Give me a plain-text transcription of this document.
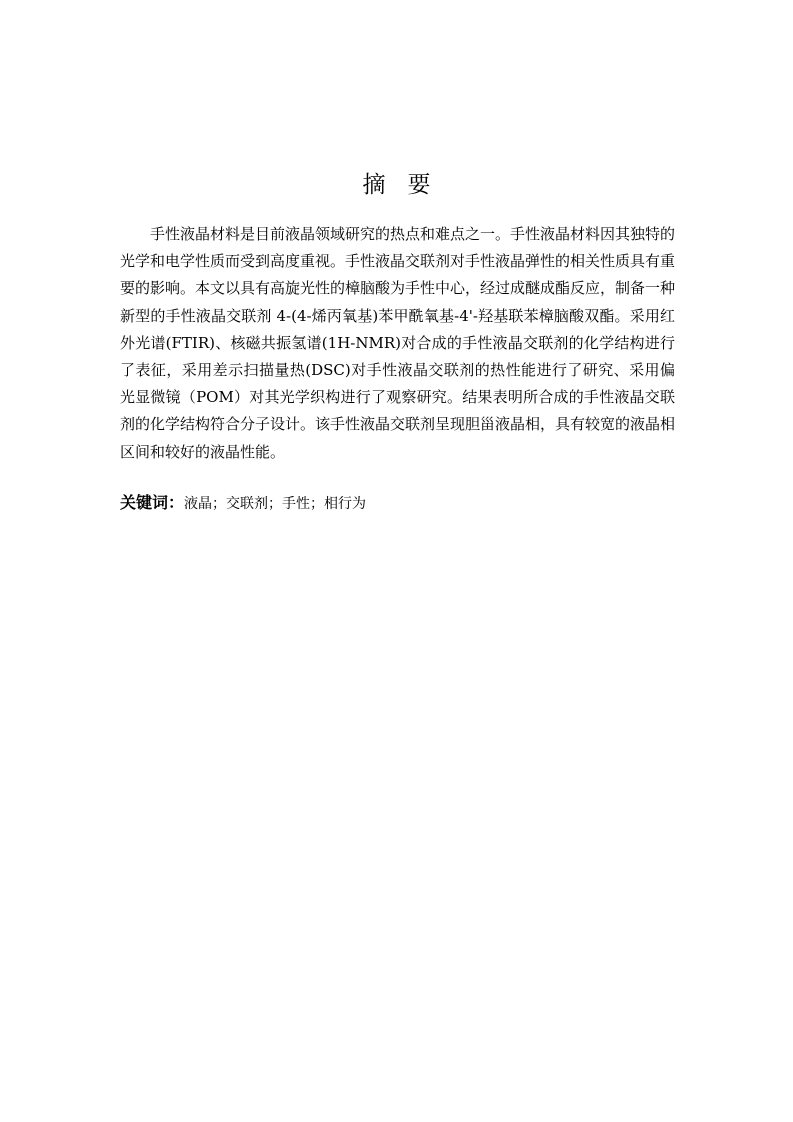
摘要

手性液晶材料是目前液晶领域研究的热点和难点之一。手性液晶材料因其独特的光学和电学性质而受到高度重视。手性液晶交联剂对手性液晶弹性的相关性质具有重要的影响。本文以具有高旋光性的樟脑酸为手性中心，经过成醚成酯反应，制备一种新型的手性液晶交联剂 4-(4-烯丙氧基)苯甲酰氧基-4'-羟基联苯樟脑酸双酯。采用红外光谱(FTIR)、核磁共振氢谱(1H-NMR)对合成的手性液晶交联剂的化学结构进行了表征，采用差示扫描量热(DSC)对手性液晶交联剂的热性能进行了研究、采用偏光显微镜（POM）对其光学织构进行了观察研究。结果表明所合成的手性液晶交联剂的化学结构符合分子设计。该手性液晶交联剂呈现胆甾液晶相，具有较宽的液晶相区间和较好的液晶性能。

关键词：液晶；交联剂；手性；相行为
